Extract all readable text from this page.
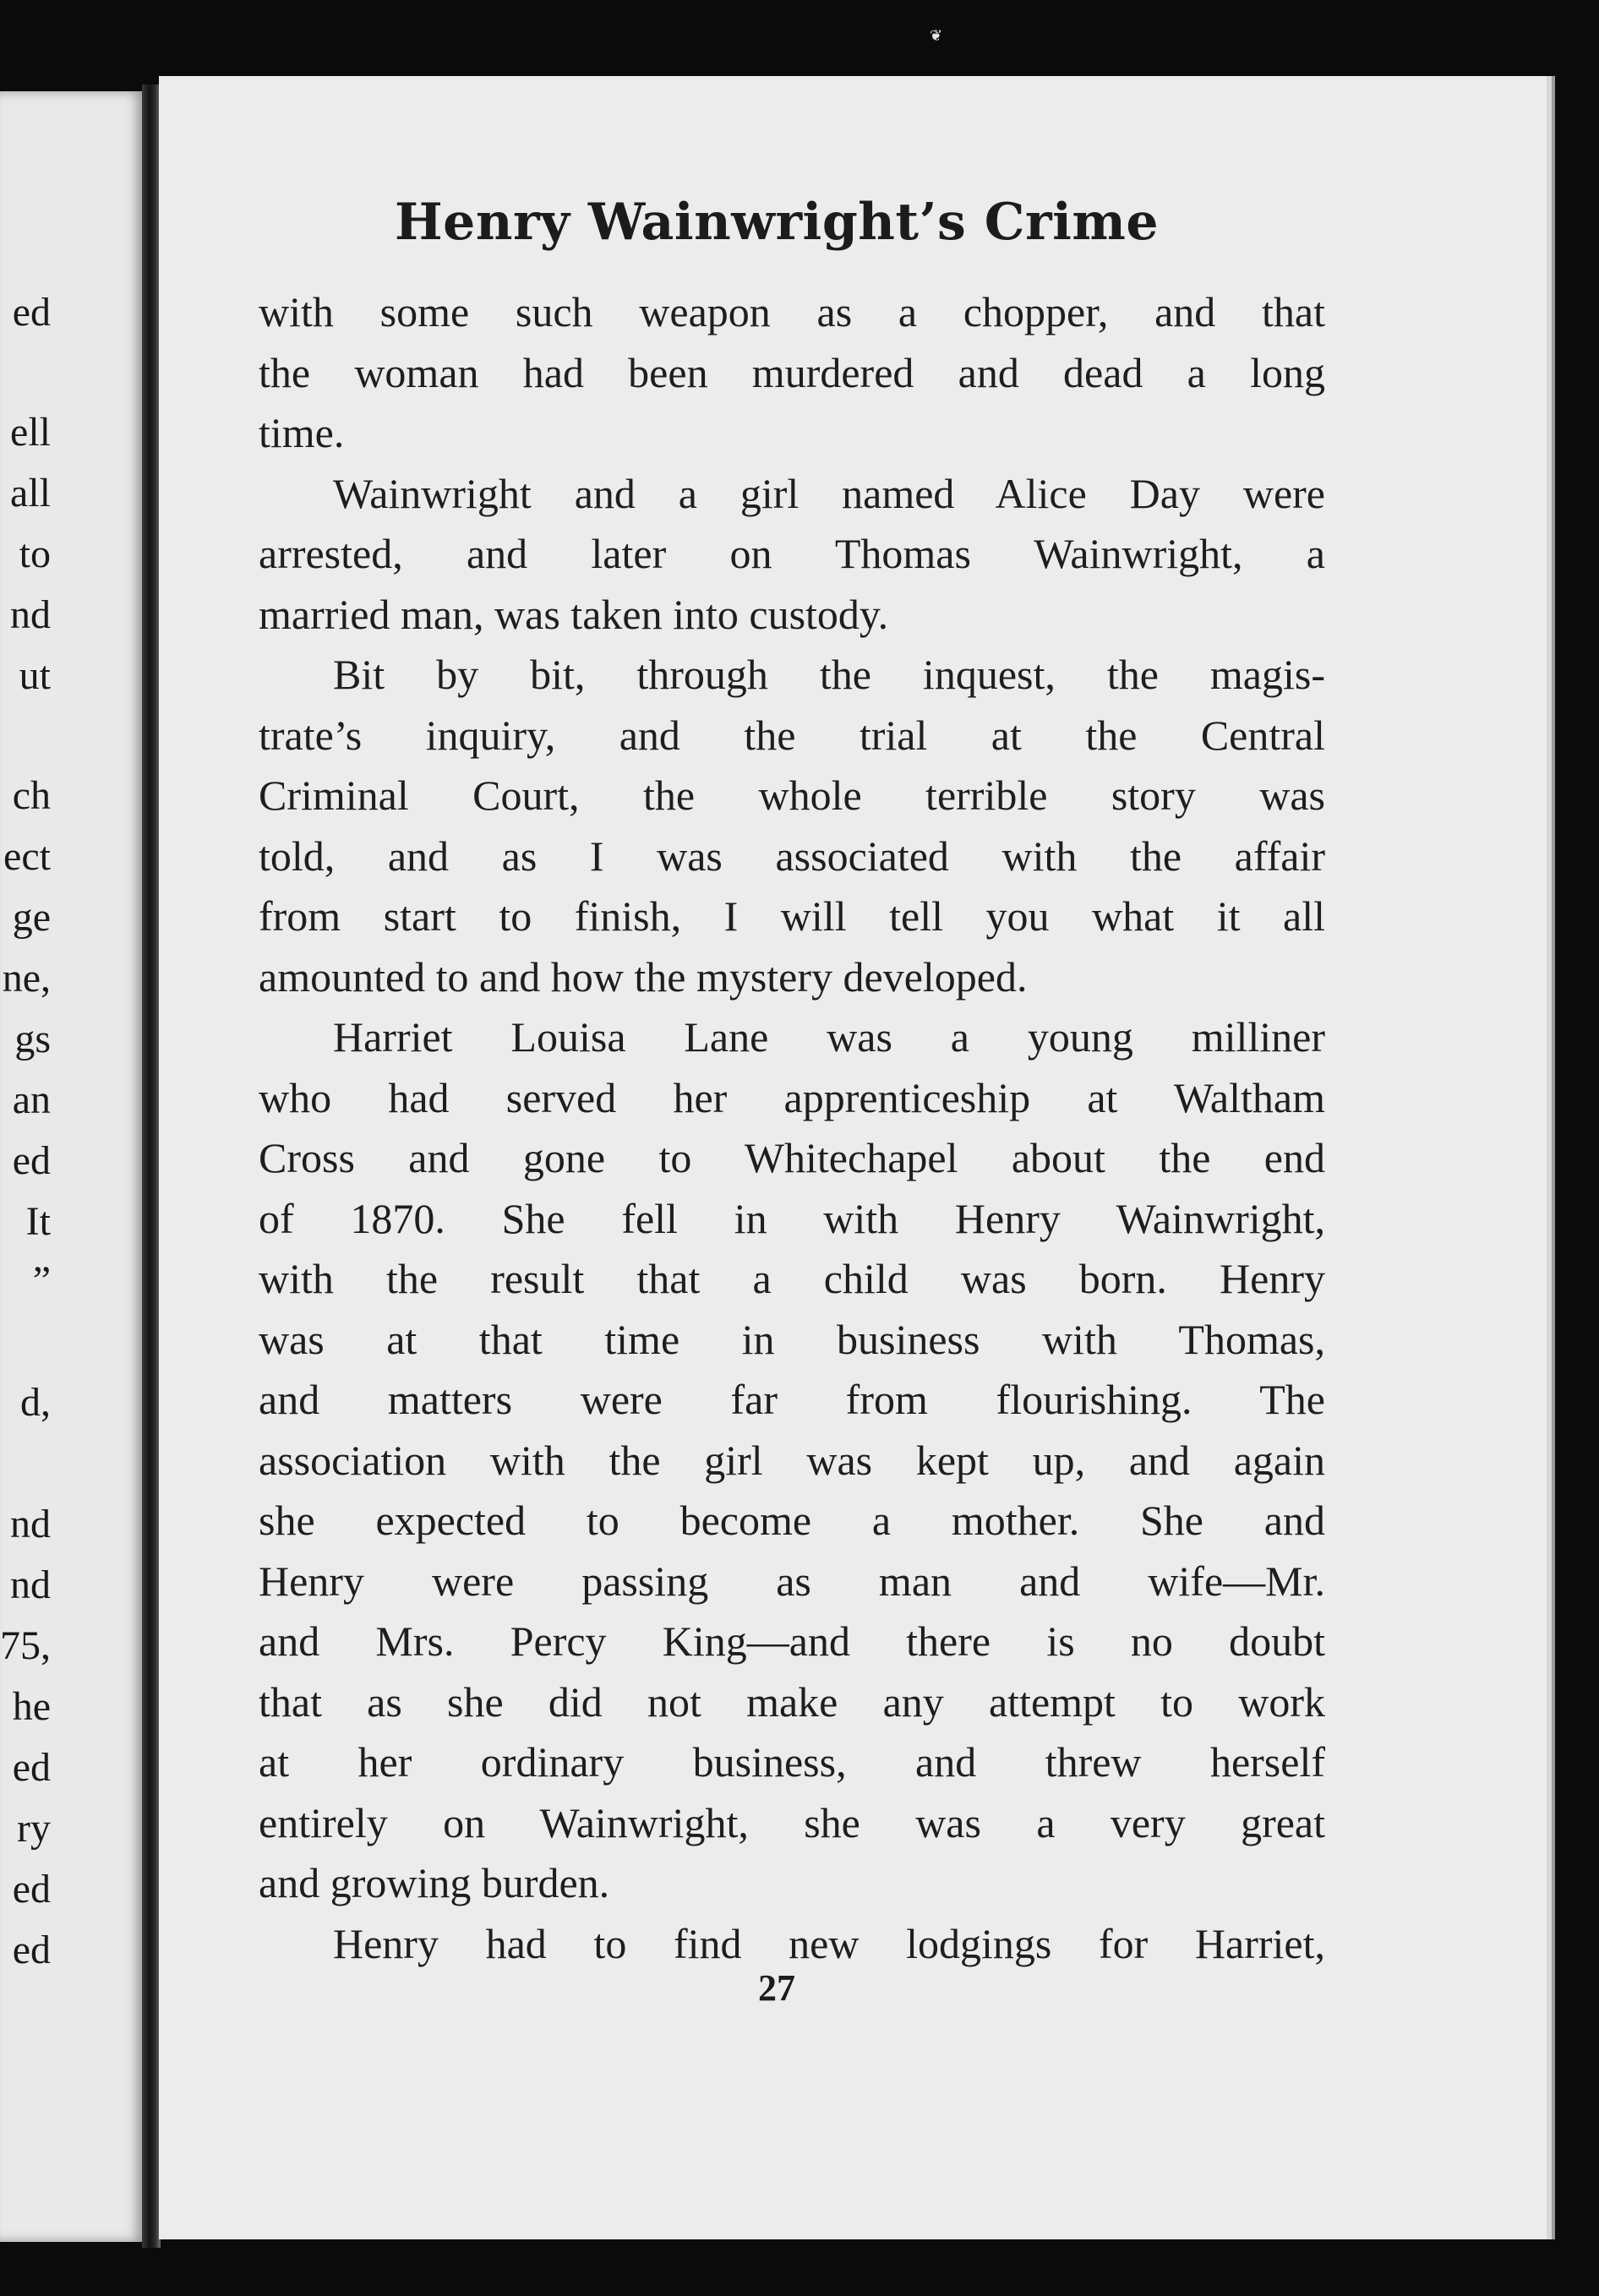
❦
ed
ell
all
to
nd
ut
ch
ect
ge
ne,
gs
an
ed
It
”
d,
nd
nd
75,
he
ed
ry
ed
ed
Henry Wainwright’s Crime
with some such weapon as a chopper, and that
the woman had been murdered and dead a long
time.
Wainwright and a girl named Alice Day were
arrested, and later on Thomas Wainwright, a
married man, was taken into custody.
Bit by bit, through the inquest, the magis-
trate’s inquiry, and the trial at the Central
Criminal Court, the whole terrible story was
told, and as I was associated with the affair
from start to finish, I will tell you what it all
amounted to and how the mystery developed.
Harriet Louisa Lane was a young milliner
who had served her apprenticeship at Waltham
Cross and gone to Whitechapel about the end
of 1870. She fell in with Henry Wainwright,
with the result that a child was born. Henry
was at that time in business with Thomas,
and matters were far from flourishing. The
association with the girl was kept up, and again
she expected to become a mother. She and
Henry were passing as man and wife—Mr.
and Mrs. Percy King—and there is no doubt
that as she did not make any attempt to work
at her ordinary business, and threw herself
entirely on Wainwright, she was a very great
and growing burden.
Henry had to find new lodgings for Harriet,
27
